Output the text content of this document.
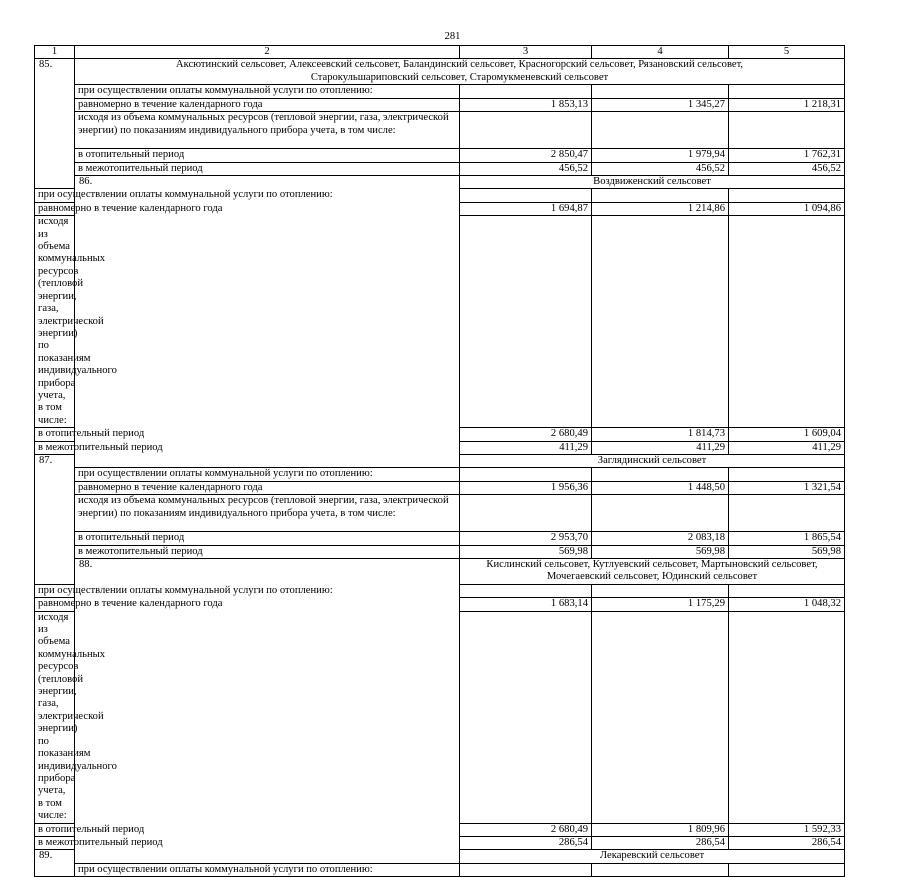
281
1	2	3	4	5
85.	Аксютинский сельсовет, Алексеевский сельсовет, Баландинский сельсовет, Красногорский сельсовет, Рязановский сельсовет,
Старокульшариповский сельсовет, Старомукменевский сельсовет			

	при осуществлении оплаты коммунальной услуги по отоплению:			
	равномерно в течение календарного года	1 853,13	1 345,27	1 218,31
	исходя из объема коммунальных ресурсов (тепловой энергии, газа, электрической энергии) по показаниям индивидуального прибора учета, в том числе:			
	в отопительный период	2 850,47	1 979,94	1 762,31
	в межотопительный период	456,52	456,52	456,52
	86.	Воздвиженский сельсовет		

при осуществлении оплаты коммунальной услуги по отоплению:				
равномерно в течение календарного года		1 694,87	1 214,86	1 094,86
исходя из объема коммунальных ресурсов (тепловой энергии, газа, электрической энергии) по показаниям индивидуального прибора учета, в том числе:				
в отопительный период		2 680,49	1 814,73	1 609,04
в межотопительный период		411,29	411,29	411,29
87.		Заглядинский сельсовет		

	при осуществлении оплаты коммунальной услуги по отоплению:			
	равномерно в течение календарного года	1 956,36	1 448,50	1 321,54
	исходя из объема коммунальных ресурсов (тепловой энергии, газа, электрической энергии) по показаниям индивидуального прибора учета, в том числе:			
	в отопительный период	2 953,70	2 083,18	1 865,54
	в межотопительный период	569,98	569,98	569,98
	88.	Кислинский сельсовет, Кутлуевский сельсовет, Мартыновский сельсовет, Мочегаевский сельсовет, Юдинский сельсовет		

при осуществлении оплаты коммунальной услуги по отоплению:				
равномерно в течение календарного года		1 683,14	1 175,29	1 048,32
исходя из объема коммунальных ресурсов (тепловой энергии, газа, электрической энергии) по показаниям индивидуального прибора учета, в том числе:				
в отопительный период		2 680,49	1 809,96	1 592,33
в межотопительный период		286,54	286,54	286,54
89.		Лекаревский сельсовет		

	при осуществлении оплаты коммунальной услуги по отоплению:			
